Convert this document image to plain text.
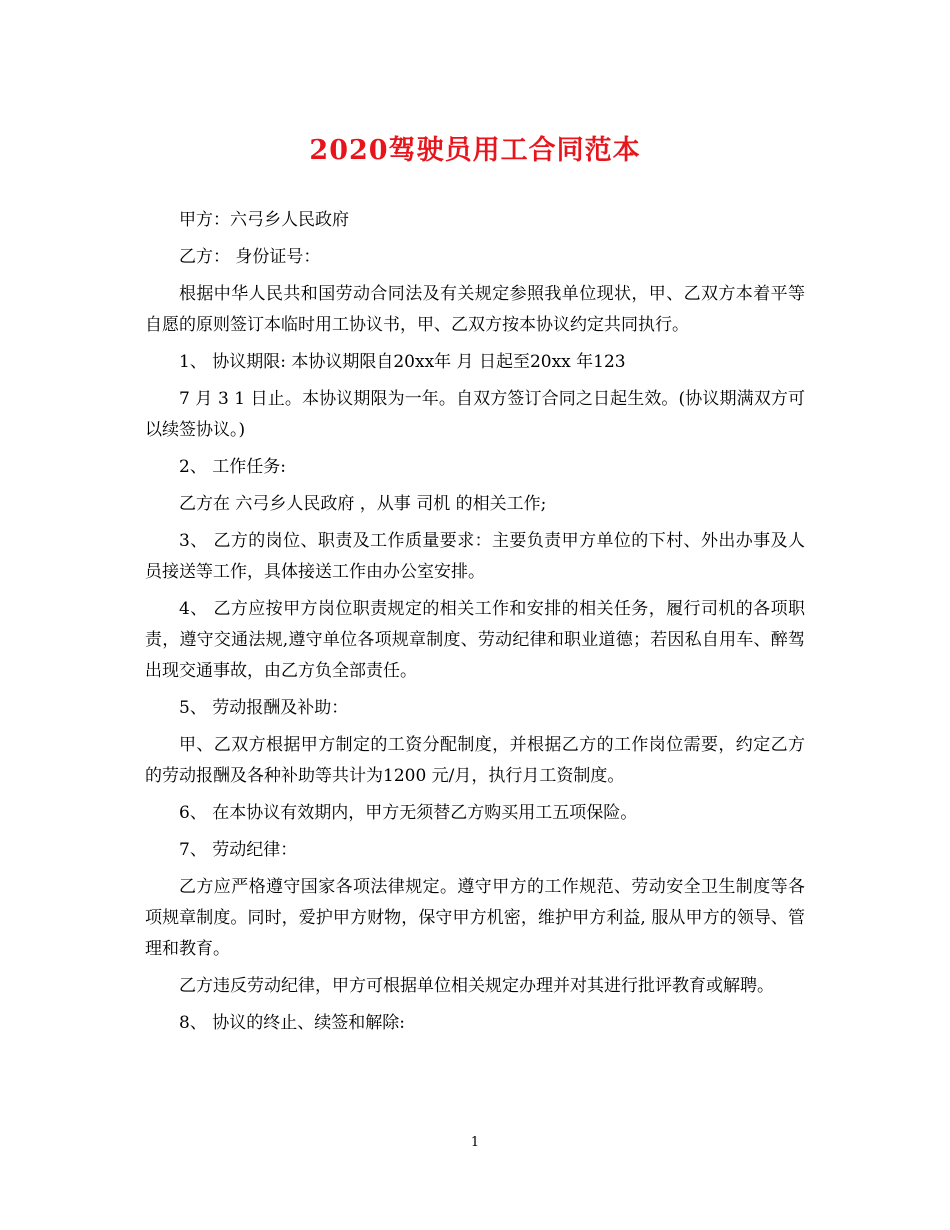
2020驾驶员用工合同范本

甲方：六弓乡人民政府

乙方： 身份证号：

根据中华人民共和国劳动合同法及有关规定参照我单位现状，甲、乙双方本着平等自愿的原则签订本临时用工协议书，甲、乙双方按本协议约定共同执行。

1、 协议期限: 本协议期限自20xx年 月 日起至20xx 年123

7 月 3 1 日止。本协议期限为一年。自双方签订合同之日起生效。(协议期满双方可以续签协议。)

2、 工作任务:

乙方在 六弓乡人民政府 ，从事 司机 的相关工作;

3、 乙方的岗位、职责及工作质量要求：主要负责甲方单位的下村、外出办事及人员接送等工作，具体接送工作由办公室安排。

4、 乙方应按甲方岗位职责规定的相关工作和安排的相关任务，履行司机的各项职责，遵守交通法规,遵守单位各项规章制度、劳动纪律和职业道德；若因私自用车、醉驾出现交通事故，由乙方负全部责任。

5、 劳动报酬及补助：

甲、乙双方根据甲方制定的工资分配制度，并根据乙方的工作岗位需要，约定乙方的劳动报酬及各种补助等共计为1200 元/月，执行月工资制度。

6、 在本协议有效期内，甲方无须替乙方购买用工五项保险。

7、 劳动纪律：

乙方应严格遵守国家各项法律规定。遵守甲方的工作规范、劳动安全卫生制度等各项规章制度。同时，爱护甲方财物，保守甲方机密，维护甲方利益, 服从甲方的领导、管理和教育。

乙方违反劳动纪律，甲方可根据单位相关规定办理并对其进行批评教育或解聘。

8、 协议的终止、续签和解除:

1
